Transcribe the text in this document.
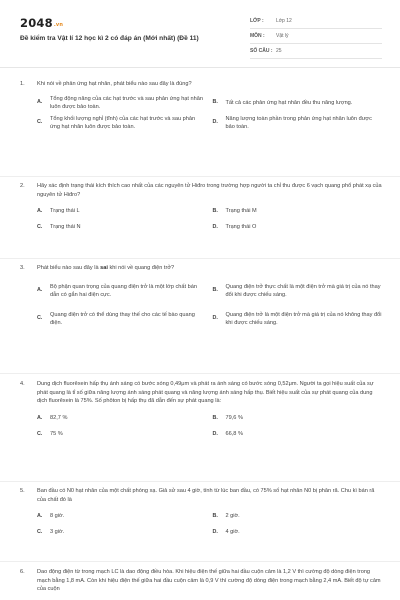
2048.vn
Đề kiểm tra Vật lí 12 học kì 2 có đáp án (Mới nhất) (Đề 11)
LỚP :	Lớp 12
MÔN :	Vật lý
SỐ CÂU : 25
1.	Khi nói về phản ứng hạt nhân, phát biểu nào sau đây là đúng?
A.
Tổng động năng của các hạt trước và sau phản ứng hạt nhân luôn được bảo toàn.
B.	Tất cả các phản ứng hạt nhân đều thu năng lượng.
C.
Tổng khối lượng nghỉ (tĩnh) của các hạt trước và sau phản ứng hạt nhân luôn được bảo toàn.
D.
Năng lượng toàn phần trong phản ứng hạt nhân luôn được bảo toàn.
2.	Hãy xác định trạng thái kích thích cao nhất của các nguyên tử Hiđro trong trường hợp người ta chỉ thu được 6 vạch quang phổ phát xạ của nguyên tử Hiđro?
A.	Trạng thái L	B.	Trạng thái M
C.	Trạng thái N	D.	Trạng thái O
3.	Phát biểu nào sau đây là sai khi nói về quang điện trở?
A.
Bộ phận quan trọng của quang điện trở là một lớp chất bán dẫn có gắn hai điện cực.
B.
Quang điện trở thực chất là một điện trở mà giá trị của nó thay đổi khi được chiếu sáng.
C.
Quang điện trở có thể dùng thay thế cho các tế bào quang điện.
D.
Quang điện trở là một điện trở mà giá trị của nó không thay đổi khi được chiếu sáng.
4.	Dung dịch fluorêxein hấp thụ ánh sáng có bước sóng 0,49μm và phát ra ánh sáng có bước sóng 0,52μm. Người ta gọi hiệu suất của sự phát quang là tỉ số giữa năng lượng ánh sáng phát quang và năng lượng ánh sáng hấp thụ. Biết hiệu suất của sự phát quang của dung dịch fluorêxein là 75%. Số phôton bị hấp thụ đã dẫn đến sự phát quang là:
A.	82,7 %	B.	79,6 %
C.	75 %	D.	66,8 %
5.	Ban đầu có N0 hạt nhân của một chất phóng xạ. Giả sử sau 4 giờ, tính từ lúc ban đầu, có 75% số hạt nhân N0 bị phân rã. Chu kì bán rã của chất đó là
A.	8 giờ.	B.	2 giờ.
C.	3 giờ.	D.	4 giờ.
6.	Dao động điện từ trong mạch LC là dao động điều hòa. Khi hiệu điện thế giữa hai đầu cuộn cảm là 1,2 V thì cường độ dòng điện trong mạch bằng 1,8 mA. Còn khi hiệu điện thế giữa hai đầu cuộn cảm là 0,9 V thì cường độ dòng điện trong mạch bằng 2,4 mA. Biết độ tự cảm của cuộn
